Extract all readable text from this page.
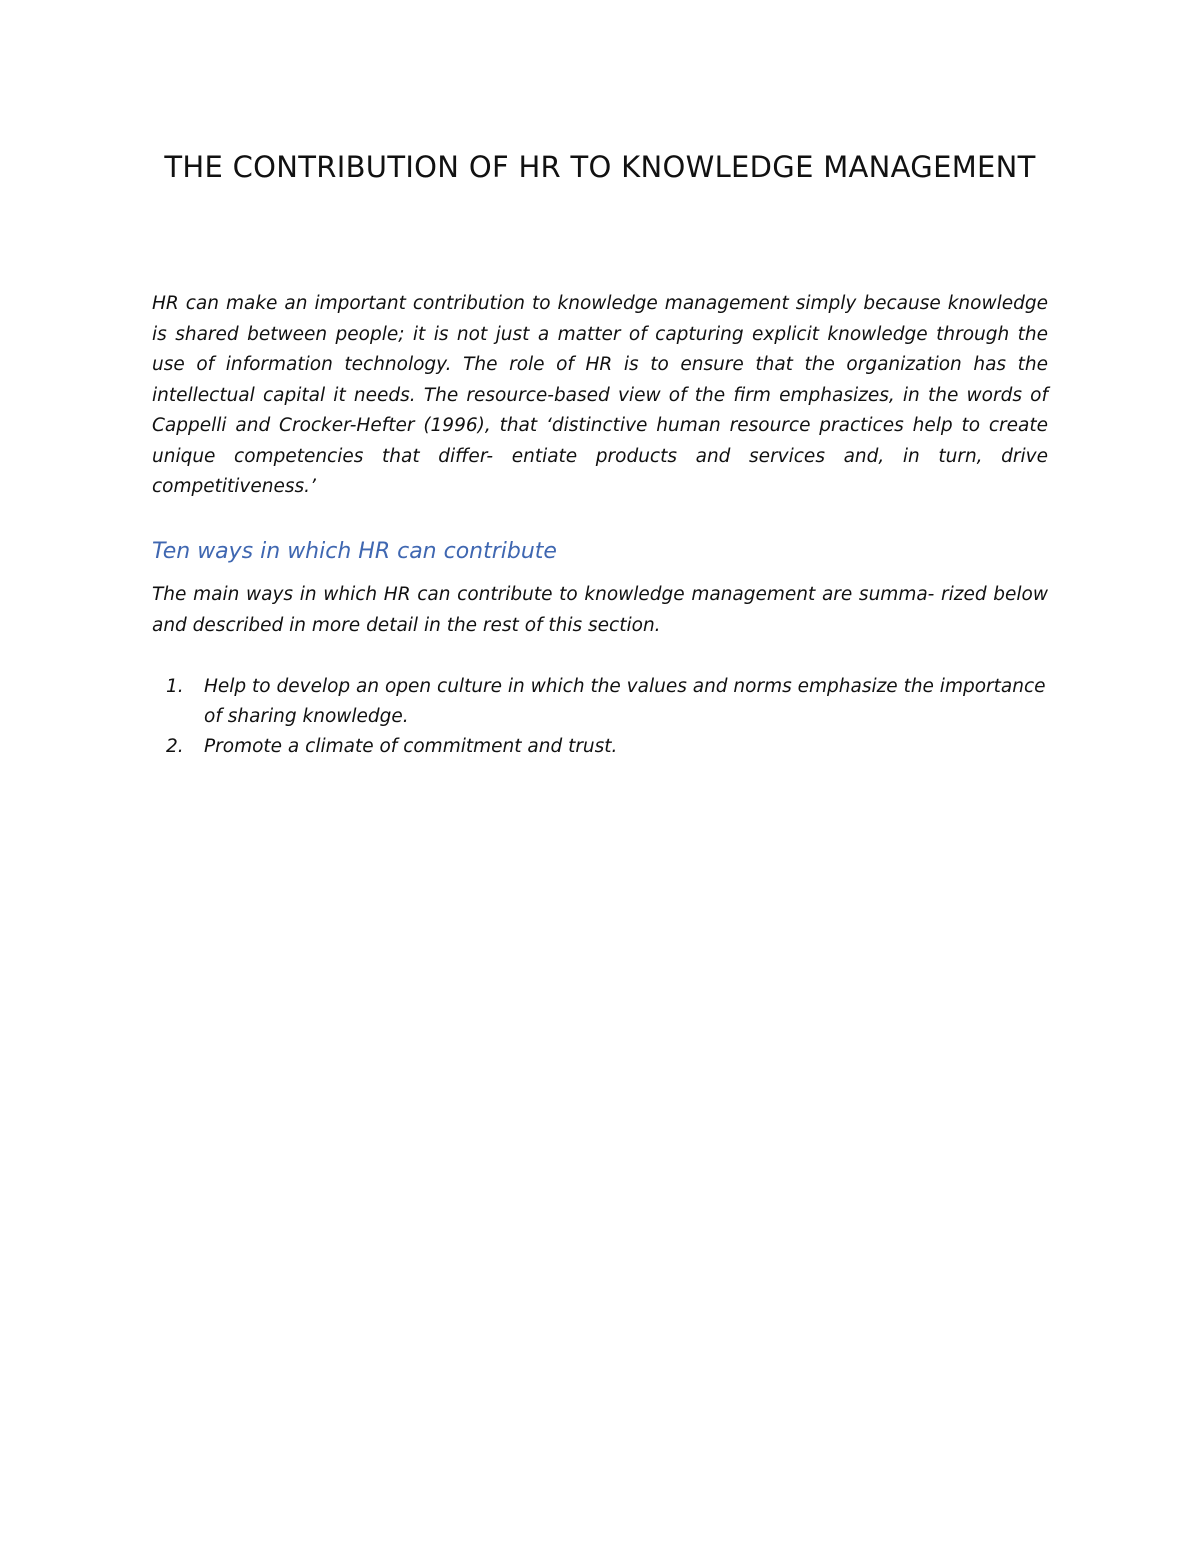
THE CONTRIBUTION OF HR TO KNOWLEDGE MANAGEMENT

HR can make an important contribution to knowledge management simply because knowledge is shared between people; it is not just a matter of capturing explicit knowledge through the use of information technology. The role of HR is to ensure that the organization has the intellectual capital it needs. The resource-based view of the firm emphasizes, in the words of Cappelli and Crocker-Hefter (1996), that ‘distinctive human resource practices help to create unique competencies that differ- entiate products and services and, in turn, drive competitiveness.’

Ten ways in which HR can contribute

The main ways in which HR can contribute to knowledge management are summa- rized below and described in more detail in the rest of this section.

1. Help to develop an open culture in which the values and norms emphasize the importance of sharing knowledge.
2. Promote a climate of commitment and trust.
